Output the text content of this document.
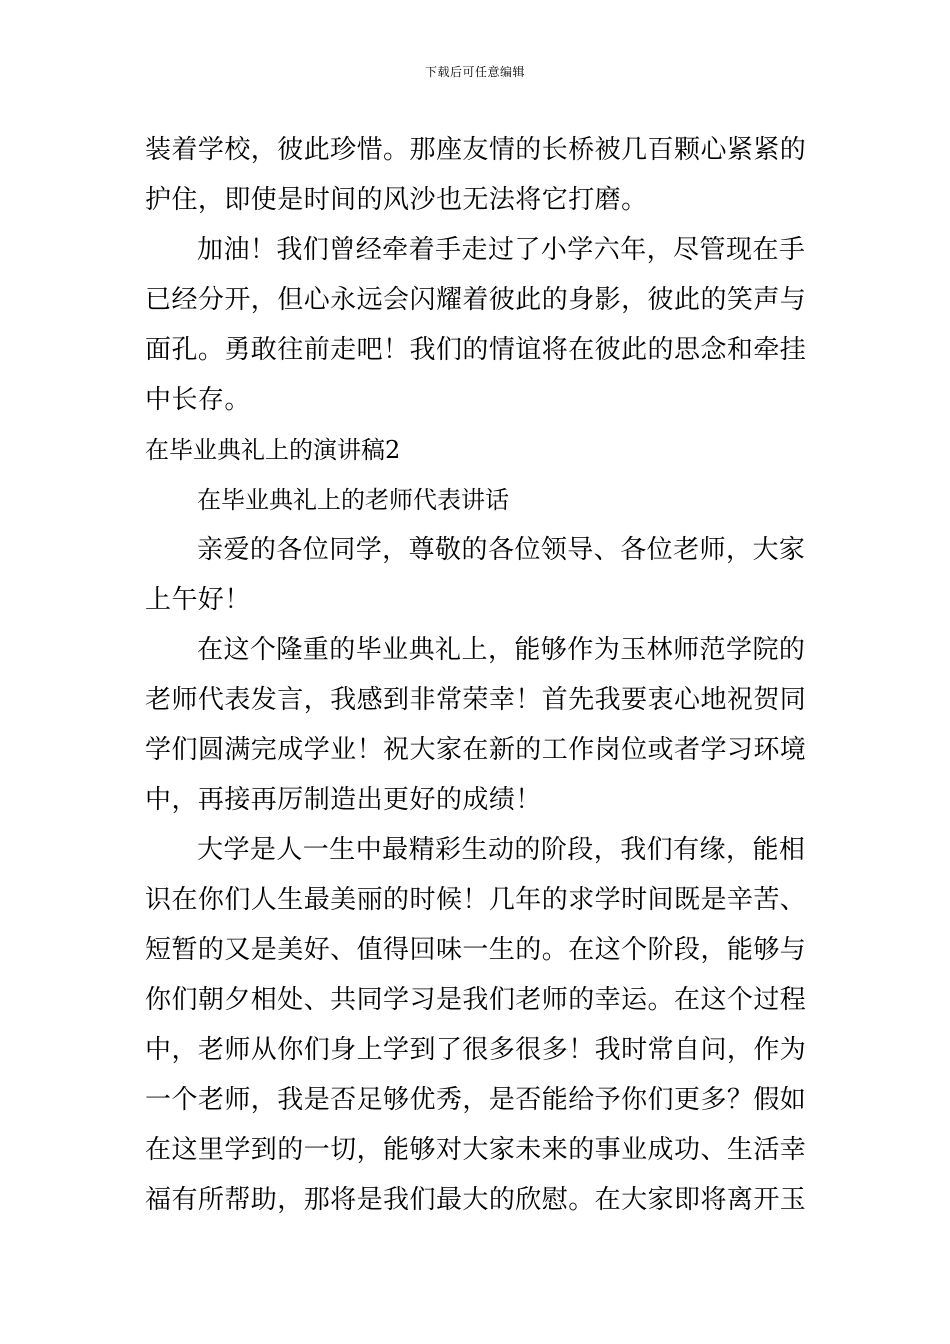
下载后可任意编辑
装着学校，彼此珍惜。那座友情的长桥被几百颗心紧紧的
护住，即使是时间的风沙也无法将它打磨。
加油！我们曾经牵着手走过了小学六年，尽管现在手
已经分开，但心永远会闪耀着彼此的身影，彼此的笑声与
面孔。勇敢往前走吧！我们的情谊将在彼此的思念和牵挂
中长存。
在毕业典礼上的演讲稿2
在毕业典礼上的老师代表讲话
亲爱的各位同学，尊敬的各位领导、各位老师，大家
上午好！
在这个隆重的毕业典礼上，能够作为玉林师范学院的
老师代表发言，我感到非常荣幸！首先我要衷心地祝贺同
学们圆满完成学业！祝大家在新的工作岗位或者学习环境
中，再接再厉制造出更好的成绩！
大学是人一生中最精彩生动的阶段，我们有缘，能相
识在你们人生最美丽的时候！几年的求学时间既是辛苦、
短暂的又是美好、值得回味一生的。在这个阶段，能够与
你们朝夕相处、共同学习是我们老师的幸运。在这个过程
中，老师从你们身上学到了很多很多！我时常自问，作为
一个老师，我是否足够优秀，是否能给予你们更多？假如
在这里学到的一切，能够对大家未来的事业成功、生活幸
福有所帮助，那将是我们最大的欣慰。在大家即将离开玉
